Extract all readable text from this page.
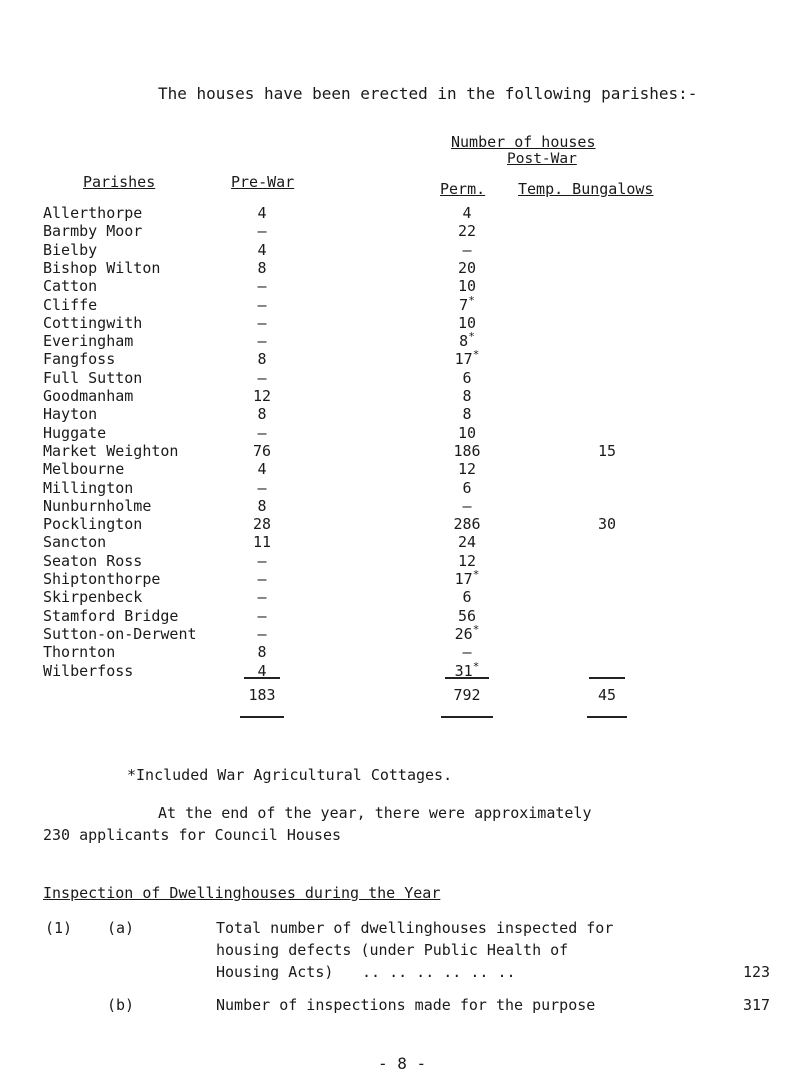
The houses have been erected in the following parishes:-
Number of houses
Post-War
Parishes	Pre-War	Perm. Temp. Bungalows
Allerthorpe	4	4
Barmby Moor	–	22
Bielby	4	–
Bishop Wilton	8	20
Catton	–	10
Cliffe	–	7*
Cottingwith	–	10
Everingham	–	8*
Fangfoss	8	17*
Full Sutton	–	6
Goodmanham	12	8
Hayton	8	8
Huggate	–	10
Market Weighton	76	186	15
Melbourne	4	12
Millington	–	6
Nunburnholme	8	–
Pocklington	28	286	30
Sancton	11	24
Seaton Ross	–	12
Shiptonthorpe	–	17*
Skirpenbeck	–	6
Stamford Bridge	–	56
Sutton-on-Derwent	–	26*
Thornton	8	–
Wilberfoss	4	31*
183	792	45
*Included War Agricultural Cottages.
At the end of the year, there were approximately
230 applicants for Council Houses
Inspection of Dwellinghouses during the Year
(1) (a)	Total number of dwellinghouses inspected for
housing defects (under Public Health of
Housing Acts) .. .. .. .. .. ..	123
(b)	Number of inspections made for the purpose	317
- 8 -
